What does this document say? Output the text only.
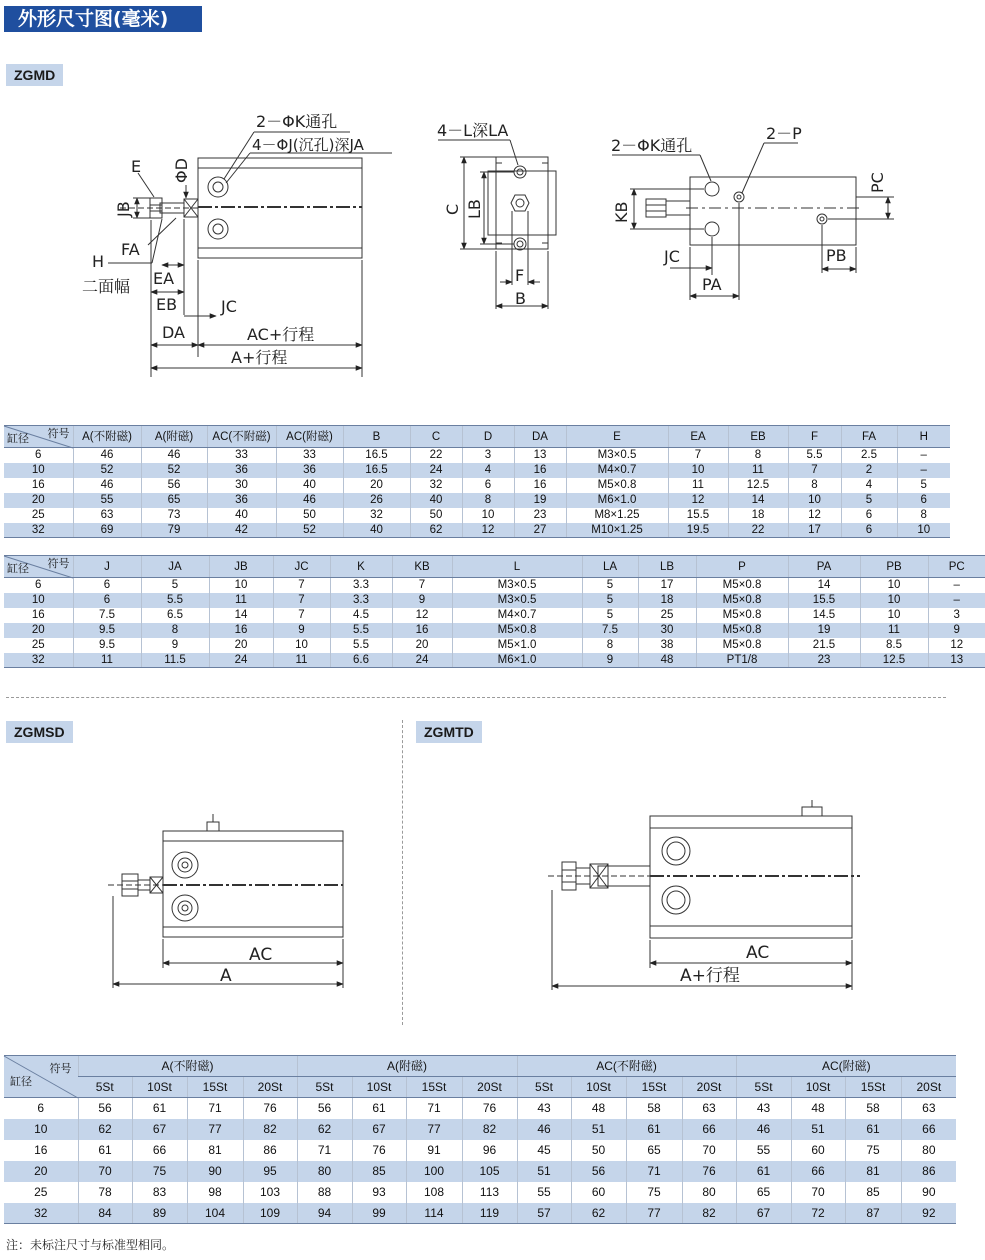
外形尺寸图(毫米)
ZGMD
ZGMSD	ZGMTD
2－ΦK通孔
4－ΦJ(沉孔)深JA
E ΦD
JB
FA
H
二面幅 EA
EB	JC
DA	AC+行程
A+行程
4－L深LA
C LB
F
B
2－ΦK通孔
2－P
PC
KB
JC
PA
PB
符号
缸径	A(不附磁)	A(附磁)	AC(不附磁)	AC(附磁)	B	C	D	DA	E	EA	EB	F	FA	H
6	46	46	33	33	16.5	22	3	13	M3×0.5	7	8	5.5	2.5	–
10	52	52	36	36	16.5	24	4	16	M4×0.7	10	11	7	2	–
16	46	56	30	40	20	32	6	16	M5×0.8	11	12.5	8	4	5
20	55	65	36	46	26	40	8	19	M6×1.0	12	14	10	5	6
25	63	73	40	50	32	50	10	23	M8×1.25	15.5	18	12	6	8
32	69	79	42	52	40	62	12	27	M10×1.25	19.5	22	17	6	10
符号
缸径	J	JA	JB	JC	K	KB	L	LA	LB	P	PA	PB	PC
6	6	5	10	7	3.3	7	M3×0.5	5	17	M5×0.8	14	10	–
10	6	5.5	11	7	3.3	9	M3×0.5	5	18	M5×0.8	15.5	10	–
16	7.5	6.5	14	7	4.5	12	M4×0.7	5	25	M5×0.8	14.5	10	3
20	9.5	8	16	9	5.5	16	M5×0.8	7.5	30	M5×0.8	19	11	9
25	9.5	9	20	10	5.5	20	M5×1.0	8	38	M5×0.8	21.5	8.5	12
32	11	11.5	24	11	6.6	24	M6×1.0	9	48	PT1/8	23	12.5	13
AC
A
AC
A+行程
符号
缸径	A(不附磁)				A(附磁)				AC(不附磁)				AC(附磁)			
	5St	10St	15St	20St	5St	10St	15St	20St	5St	10St	15St	20St	5St	10St	15St	20St
6	56	61	71	76	56	61	71	76	43	48	58	63	43	48	58	63
10	62	67	77	82	62	67	77	82	46	51	61	66	46	51	61	66
16	61	66	81	86	71	76	91	96	45	50	65	70	55	60	75	80
20	70	75	90	95	80	85	100	105	51	56	71	76	61	66	81	86
25	78	83	98	103	88	93	108	113	55	60	75	80	65	70	85	90
32	84	89	104	109	94	99	114	119	57	62	77	82	67	72	87	92
注：未标注尺寸与标准型相同。
